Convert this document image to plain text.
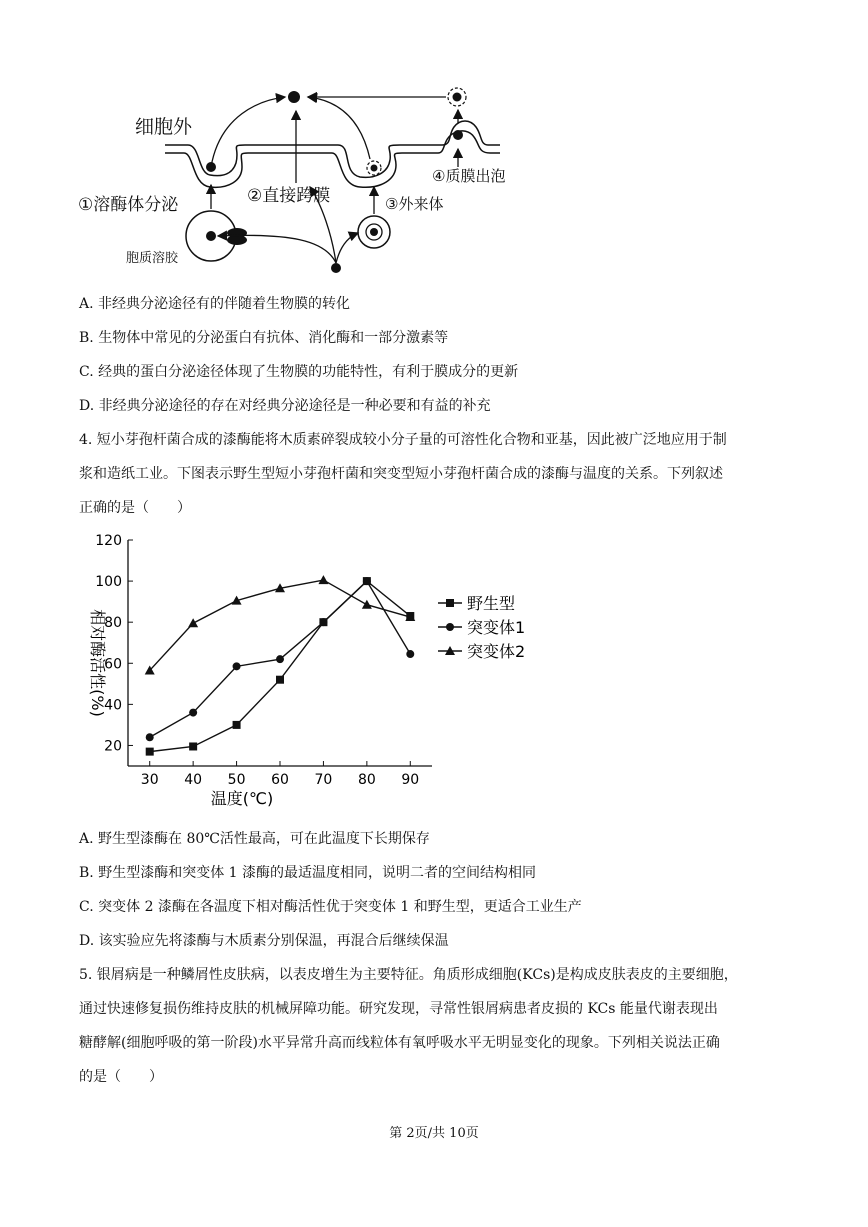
细胞外
胞质溶胶
①溶酶体分泌	②直接跨膜	③外来体
④质膜出泡
A. 非经典分泌途径有的伴随着生物膜的转化
B. 生物体中常见的分泌蛋白有抗体、消化酶和一部分激素等
C. 经典的蛋白分泌途径体现了生物膜的功能特性，有利于膜成分的更新
D. 非经典分泌途径的存在对经典分泌途径是一种必要和有益的补充
4. 短小芽孢杆菌合成的漆酶能将木质素碎裂成较小分子量的可溶性化合物和亚基，因此被广泛地应用于制
浆和造纸工业。下图表示野生型短小芽孢杆菌和突变型短小芽孢杆菌合成的漆酶与温度的关系。下列叙述
正确的是（　　）
20
40
60
80
100
120
30 40 50 60 70 80 90
温度(℃)
相对酶活性(%)
野生型
突变体1
突变体2
A. 野生型漆酶在 80℃活性最高，可在此温度下长期保存
B. 野生型漆酶和突变体 1 漆酶的最适温度相同，说明二者的空间结构相同
C. 突变体 2 漆酶在各温度下相对酶活性优于突变体 1 和野生型，更适合工业生产
D. 该实验应先将漆酶与木质素分别保温，再混合后继续保温
5. 银屑病是一种鳞屑性皮肤病，以表皮增生为主要特征。角质形成细胞(KCs)是构成皮肤表皮的主要细胞，
通过快速修复损伤维持皮肤的机械屏障功能。研究发现，寻常性银屑病患者皮损的 KCs 能量代谢表现出
糖酵解(细胞呼吸的第一阶段)水平异常升高而线粒体有氧呼吸水平无明显变化的现象。下列相关说法正确
的是（　　）
第 2页/共 10页
